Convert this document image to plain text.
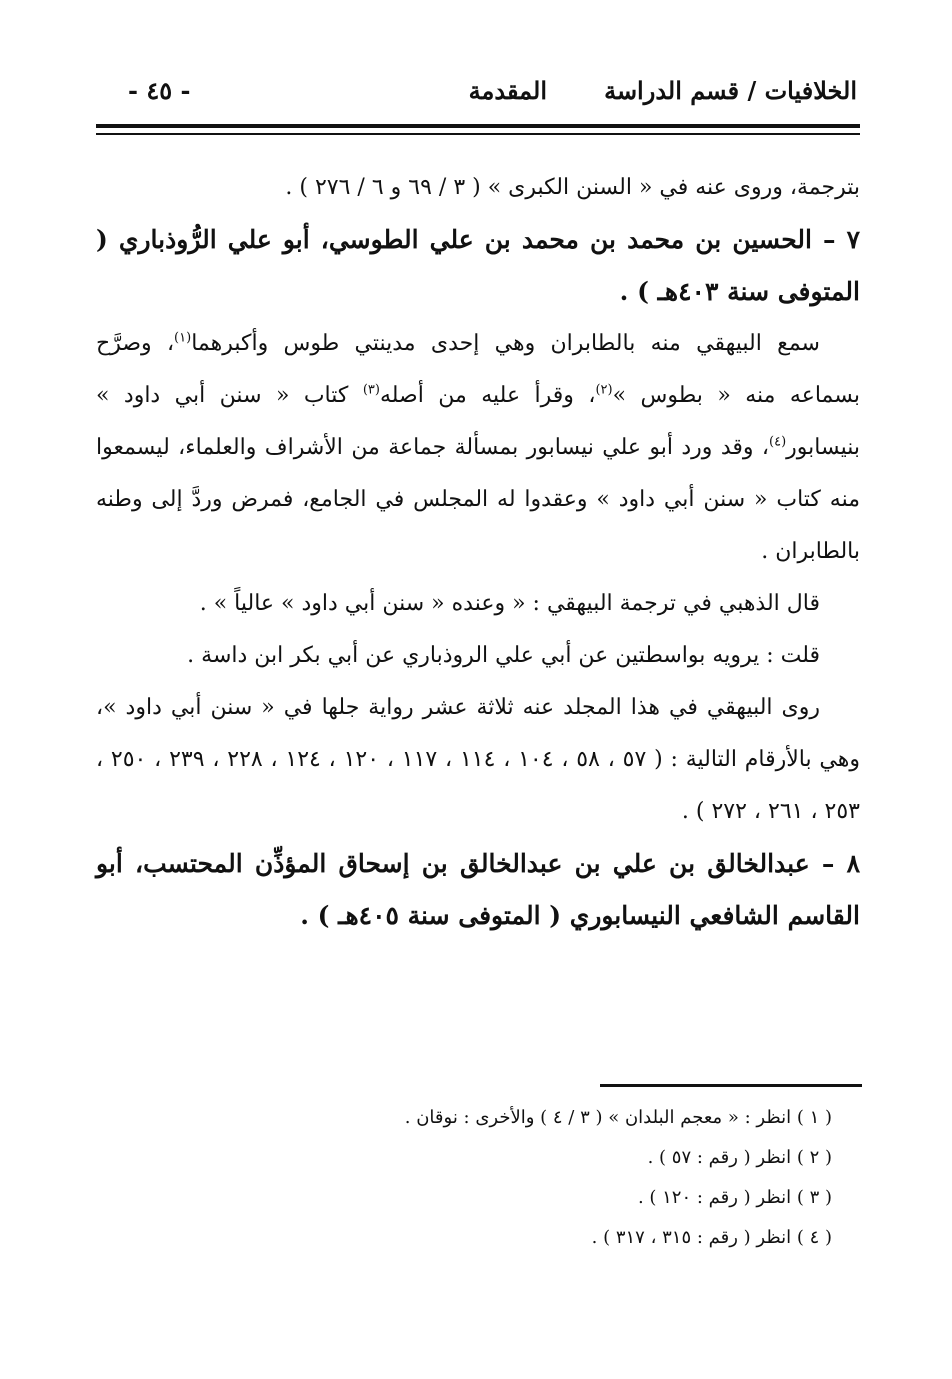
الخلافيات / قسم الدراسة
المقدمة
- ٤٥ -

بترجمة، وروى عنه في « السنن الكبرى » ( ٣ / ٦٩ و ٦ / ٢٧٦ ) .

٧ – الحسين بن محمد بن محمد بن علي الطوسي، أبو علي الرُّوذباري ( المتوفى سنة ٤٠٣هـ ) .

سمع البيهقي منه بالطابران وهي إحدى مدينتي طوس وأكبرهما$^{(١)}$، وصرَّح بسماعه منه « بطوس »$^{(٢)}$، وقرأ عليه من أصله$^{(٣)}$ كتاب « سنن أبي داود » بنيسابور$^{(٤)}$، وقد ورد أبو علي نيسابور بمسألة جماعة من الأشراف والعلماء، ليسمعوا منه كتاب « سنن أبي داود » وعقدوا له المجلس في الجامع، فمرض وردَّ إلى وطنه بالطابران .

قال الذهبي في ترجمة البيهقي : « وعنده « سنن أبي داود » عالياً » .

قلت : يرويه بواسطتين عن أبي علي الروذباري عن أبي بكر ابن داسة .

روى البيهقي في هذا المجلد عنه ثلاثة عشر رواية جلها في « سنن أبي داود »، وهي بالأرقام التالية : ( ٥٧ ، ٥٨ ، ١٠٤ ، ١١٤ ، ١١٧ ، ١٢٠ ، ١٢٤ ، ٢٢٨ ، ٢٣٩ ، ٢٥٠ ، ٢٥٣ ، ٢٦١ ، ٢٧٢ ) .

٨ – عبدالخالق بن علي بن عبدالخالق بن إسحاق المؤذِّن المحتسب، أبو القاسم الشافعي النيسابوري ( المتوفى سنة ٤٠٥هـ ) .

( ١ ) انظر : « معجم البلدان » ( ٣ / ٤ ) والأخرى : نوقان .
( ٢ ) انظر ( رقم : ٥٧ ) .
( ٣ ) انظر ( رقم : ١٢٠ ) .
( ٤ ) انظر ( رقم : ٣١٥ ، ٣١٧ ) .
